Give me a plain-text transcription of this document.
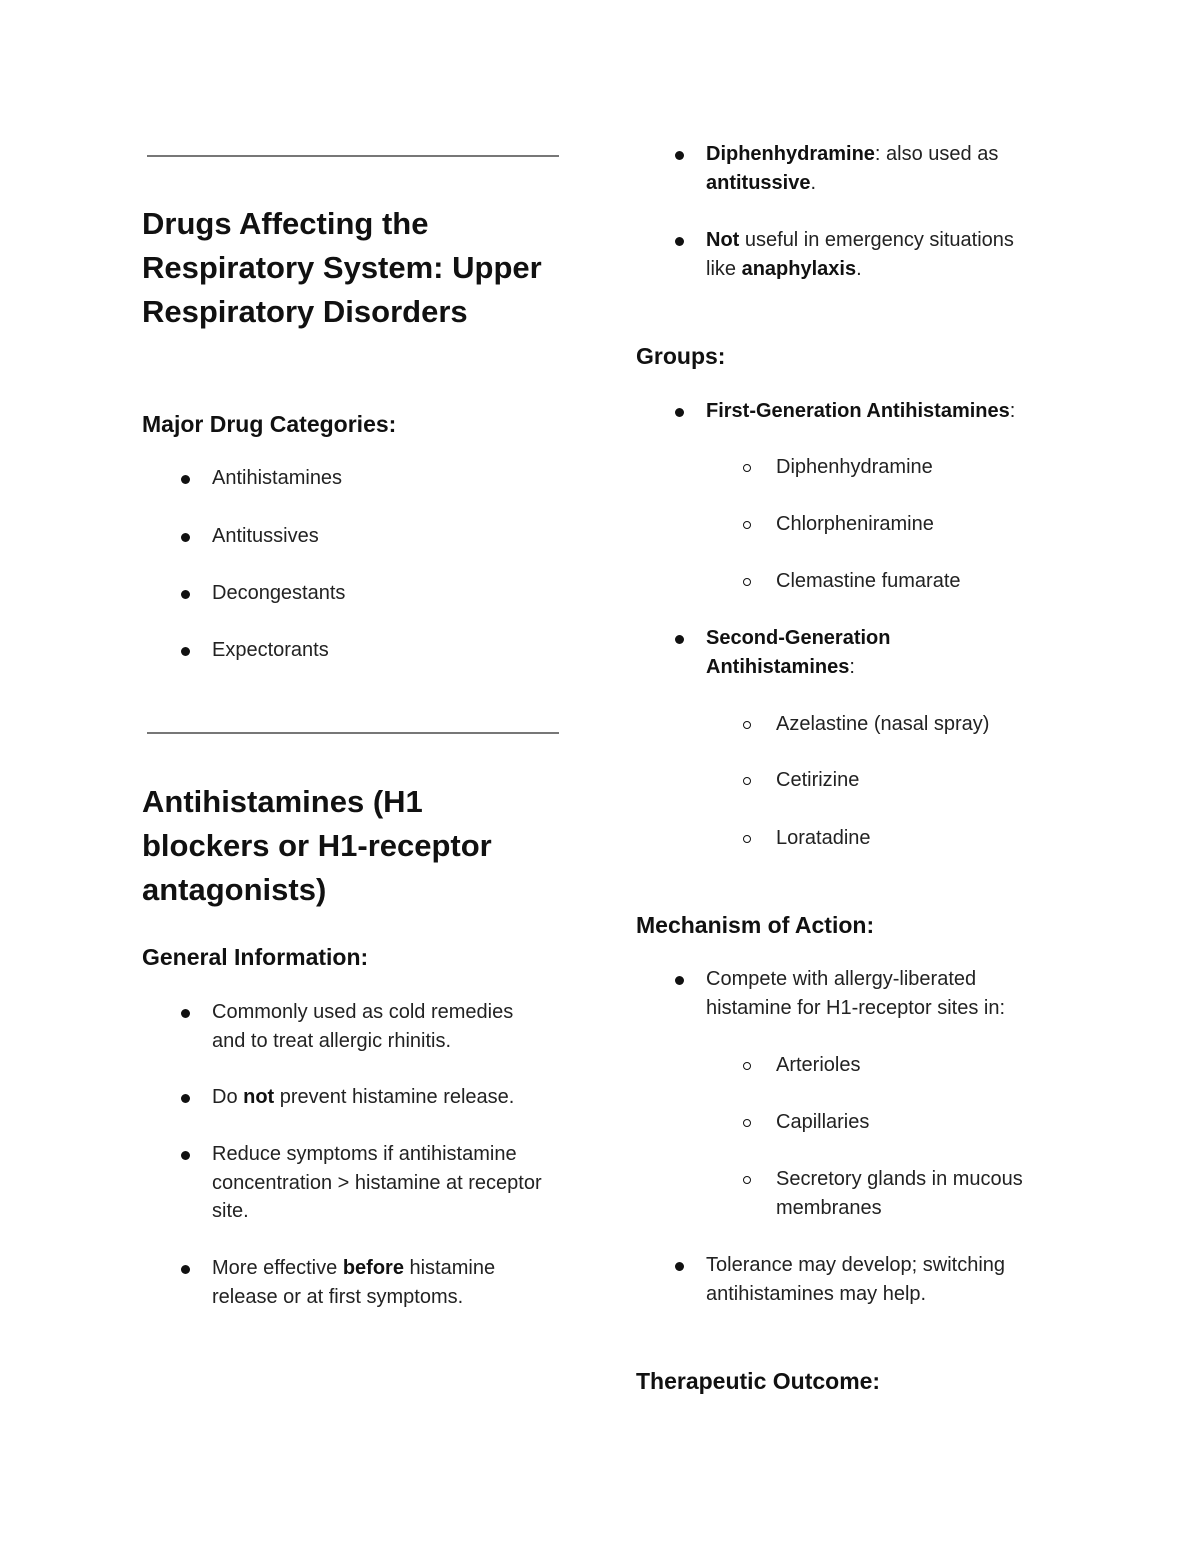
Drugs Affecting the Respiratory System: Upper Respiratory Disorders
Major Drug Categories:
Antihistamines
Antitussives
Decongestants
Expectorants
Antihistamines (H1 blockers or H1-receptor antagonists)
General Information:
Commonly used as cold remedies and to treat allergic rhinitis.
Do not prevent histamine release.
Reduce symptoms if antihistamine concentration > histamine at receptor site.
More effective before histamine release or at first symptoms.
Diphenhydramine: also used as antitussive.
Not useful in emergency situations like anaphylaxis.
Groups:
First-Generation Antihistamines:
Diphenhydramine
Chlorpheniramine
Clemastine fumarate
Second-Generation Antihistamines:
Azelastine (nasal spray)
Cetirizine
Loratadine
Mechanism of Action:
Compete with allergy-liberated histamine for H1-receptor sites in:
Arterioles
Capillaries
Secretory glands in mucous membranes
Tolerance may develop; switching antihistamines may help.
Therapeutic Outcome:
